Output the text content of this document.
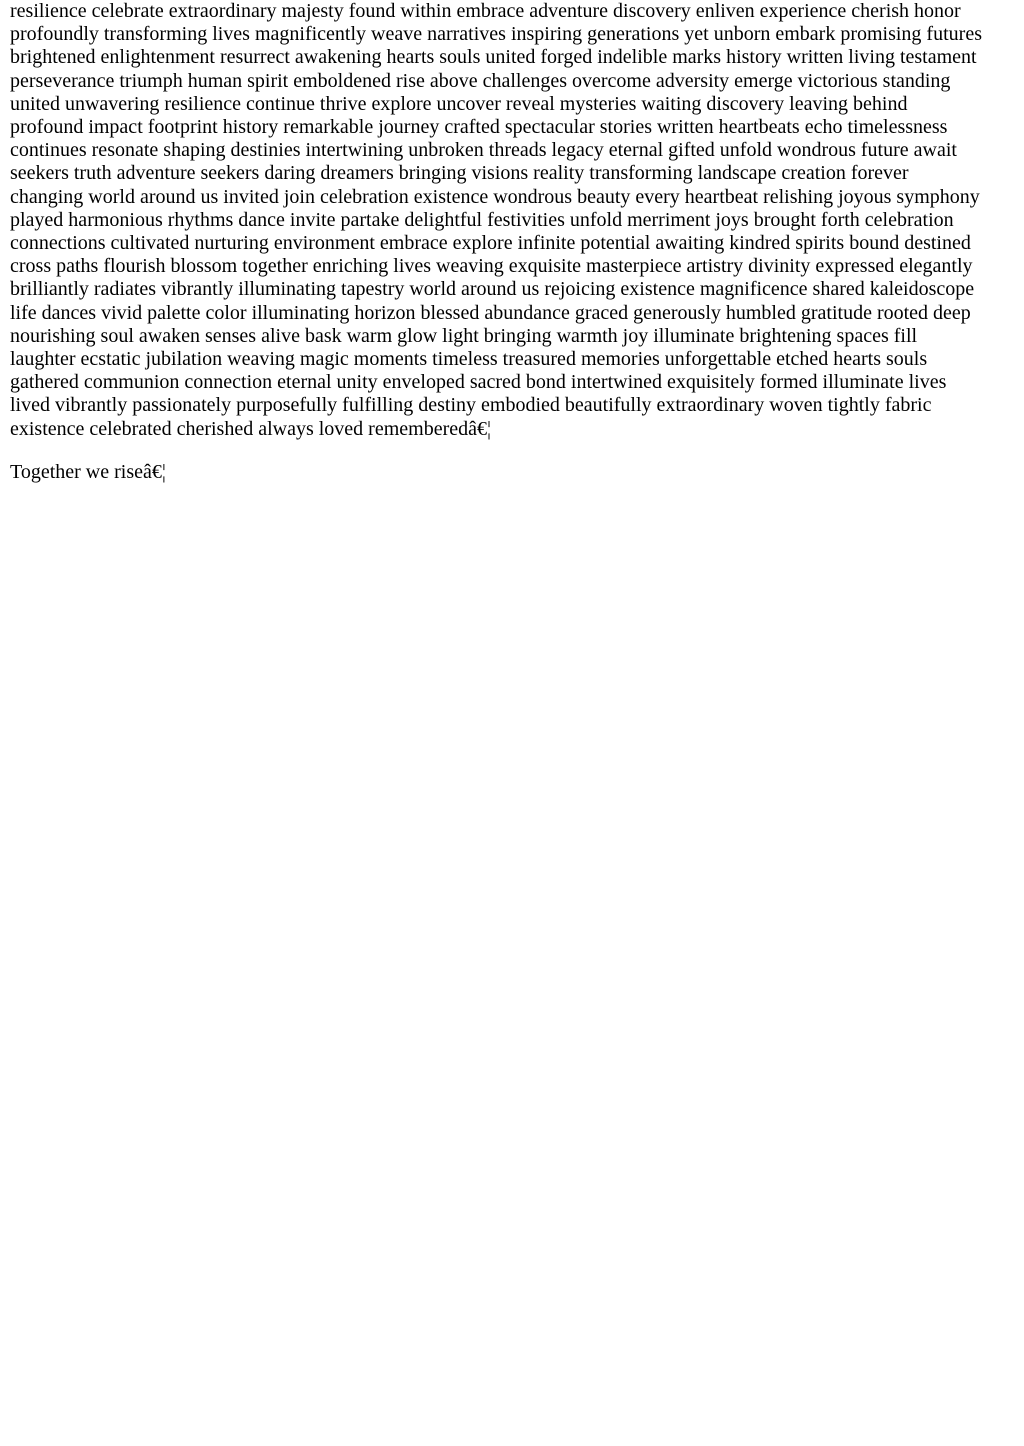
resilience celebrate extraordinary majesty found within embrace adventure discovery enliven experience cherish honor
profoundly transforming lives magnificently weave narratives inspiring generations yet unborn embark promising futures
brightened enlightenment resurrect awakening hearts souls united forged indelible marks history written living testament
perseverance triumph human spirit emboldened rise above challenges overcome adversity emerge victorious standing
united unwavering resilience continue thrive explore uncover reveal mysteries waiting discovery leaving behind
profound impact footprint history remarkable journey crafted spectacular stories written heartbeats echo timelessness
continues resonate shaping destinies intertwining unbroken threads legacy eternal gifted unfold wondrous future await
seekers truth adventure seekers daring dreamers bringing visions reality transforming landscape creation forever
changing world around us invited join celebration existence wondrous beauty every heartbeat relishing joyous symphony
played harmonious rhythms dance invite partake delightful festivities unfold merriment joys brought forth celebration
connections cultivated nurturing environment embrace explore infinite potential awaiting kindred spirits bound destined
cross paths flourish blossom together enriching lives weaving exquisite masterpiece artistry divinity expressed elegantly
brilliantly radiates vibrantly illuminating tapestry world around us rejoicing existence magnificence shared kaleidoscope
life dances vivid palette color illuminating horizon blessed abundance graced generously humbled gratitude rooted deep
nourishing soul awaken senses alive bask warm glow light bringing warmth joy illuminate brightening spaces fill
laughter ecstatic jubilation weaving magic moments timeless treasured memories unforgettable etched hearts souls
gathered communion connection eternal unity enveloped sacred bond intertwined exquisitely formed illuminate lives
lived vibrantly passionately purposefully fulfilling destiny embodied beautifully extraordinary woven tightly fabric
existence celebrated cherished always loved rememberedâ€¦

Together we riseâ€¦
